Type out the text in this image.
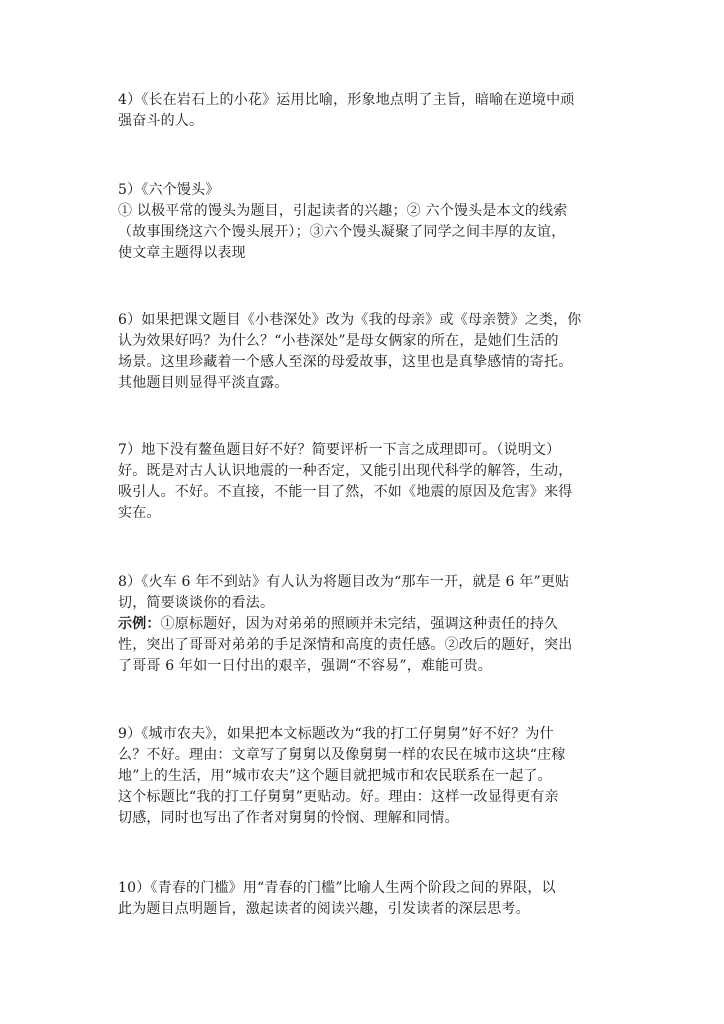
4）《长在岩石上的小花》运用比喻，形象地点明了主旨，暗喻在逆境中顽
强奋斗的人。
5）《六个馒头》
① 以极平常的馒头为题目，引起读者的兴趣；② 六个馒头是本文的线索
（故事围绕这六个馒头展开）；③六个馒头凝聚了同学之间丰厚的友谊，
使文章主题得以表现
6）如果把课文题目《小巷深处》改为《我的母亲》或《母亲赞》之类，你
认为效果好吗？为什么？“小巷深处”是母女俩家的所在，是她们生活的
场景。这里珍藏着一个感人至深的母爱故事，这里也是真挚感情的寄托。
其他题目则显得平淡直露。
7）地下没有鳌鱼题目好不好？简要评析一下言之成理即可。（说明文）
好。既是对古人认识地震的一种否定，又能引出现代科学的解答，生动，
吸引人。不好。不直接，不能一目了然，不如《地震的原因及危害》来得
实在。
8）《火车 6 年不到站》有人认为将题目改为“那车一开，就是 6 年”更贴
切，简要谈谈你的看法。
示例：①原标题好，因为对弟弟的照顾并未完结，强调这种责任的持久
性，突出了哥哥对弟弟的手足深情和高度的责任感。②改后的题好，突出
了哥哥 6 年如一日付出的艰辛，强调“不容易”，难能可贵。
9）《城市农夫》，如果把本文标题改为“我的打工仔舅舅”好不好？为什
么？不好。理由：文章写了舅舅以及像舅舅一样的农民在城市这块“庄稼
地”上的生活，用“城市农夫”这个题目就把城市和农民联系在一起了。
这个标题比“我的打工仔舅舅”更贴动。好。理由：这样一改显得更有亲
切感，同时也写出了作者对舅舅的怜悯、理解和同情。
10）《青春的门槛》用“青春的门槛”比喻人生两个阶段之间的界限，以
此为题目点明题旨，激起读者的阅读兴趣，引发读者的深层思考。
